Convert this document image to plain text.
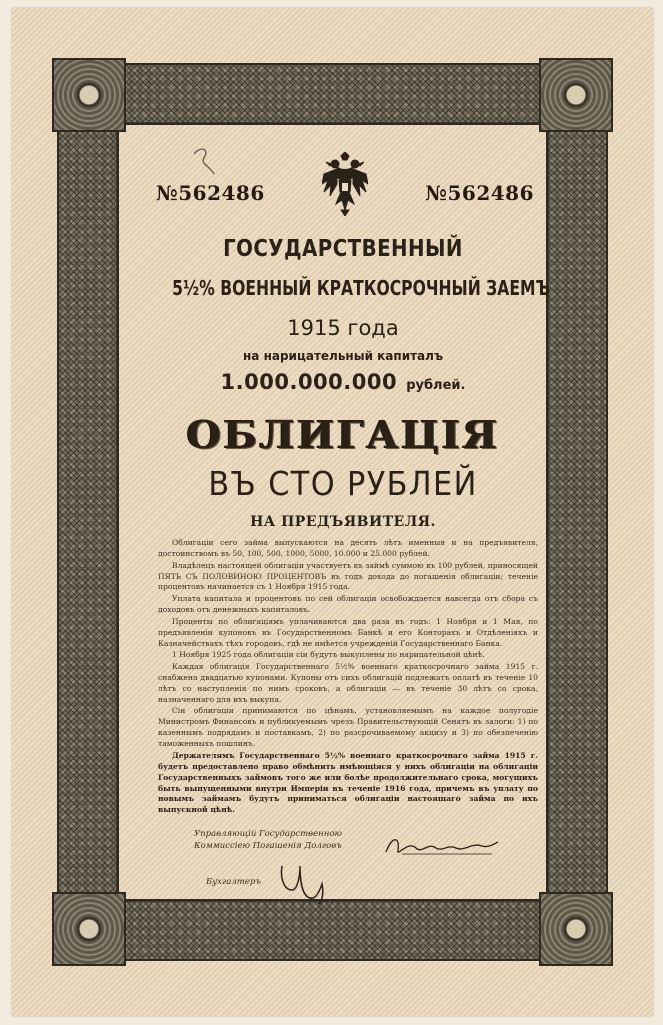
№562486	№562486
ГОСУДАРСТВЕННЫЙ
5½% ВОЕННЫЙ КРАТКОСРОЧНЫЙ ЗАЕМЪ
1915 года
на нарицательный капиталъ
1.000.000.000 рублей.
ОБЛИГАЦІЯ
ВЪ СТО РУБЛЕЙ
НА ПРЕДЪЯВИТЕЛЯ.

Облигаціи сего займа выпускаются на десять лѣтъ именныя и на предъявителя, достоинствомъ въ 50, 100, 500, 1000, 5000, 10.000 и 25.000 рублей.

Владѣлецъ настоящей облигаціи участвуетъ въ займѣ суммою въ 100 рублей, приносящей ПЯТЬ СЪ ПОЛОВИНОЮ ПРОЦЕНТОВЪ въ годъ дохода до погашенія облигаціи; теченіе процентовъ начинается съ 1 Ноября 1915 года.

Уплата капитала и процентовъ по сей облигаціи освобождается навсегда отъ сбора съ доходовъ отъ денежныхъ капиталовъ.

Проценты по облигаціямъ уплачиваются два раза въ годъ: 1 Ноября и 1 Мая, по предъявленіи купоновъ въ Государственномъ Банкѣ и его Конторахъ и Отдѣленіяхъ и Казначействахъ тѣхъ городовъ, гдѣ не имѣется учрежденій Государственнаго Банка.

1 Ноября 1925 года облигаціи сіи будутъ выкуплены по нарицательной цѣнѣ.

Каждая облигація Государственнаго 5½% военнаго краткосрочнаго займа 1915 г. снабжена двадцатью купонами. Купоны отъ сихъ облигацій подлежатъ оплатѣ въ теченіе 10 лѣтъ со наступленія по нимъ сроковъ, а облигаціи — въ теченіе 30 лѣтъ со срока, назначеннаго для ихъ выкупа.

Сіи облигаціи принимаются по цѣнамъ, установляемымъ на каждое полугодіе Министромъ Финансовъ и публикуемымъ чрезъ Правительствующій Сенатъ въ залоги: 1) по казеннымъ подрядамъ и поставкамъ, 2) по разсрочиваемому акцизу и 3) по обезпеченію таможенныхъ пошлинъ.

Держателямъ Государственнаго 5½% военнаго краткосрочнаго займа 1915 г. будетъ предоставлено право обмѣнить имѣющіяся у нихъ облигаціи на облигаціи Государственныхъ займовъ того же или болѣе продолжительнаго срока, могущихъ быть выпущенными внутри Имперіи въ теченіе 1916 года, причемъ въ уплату по новымъ займамъ будутъ приниматься облигаціи настоящаго займа по ихъ выпускной цѣнѣ.

Управляющій Государственною
Коммиссіею Погашенія Долговъ
Бухгалтеръ
